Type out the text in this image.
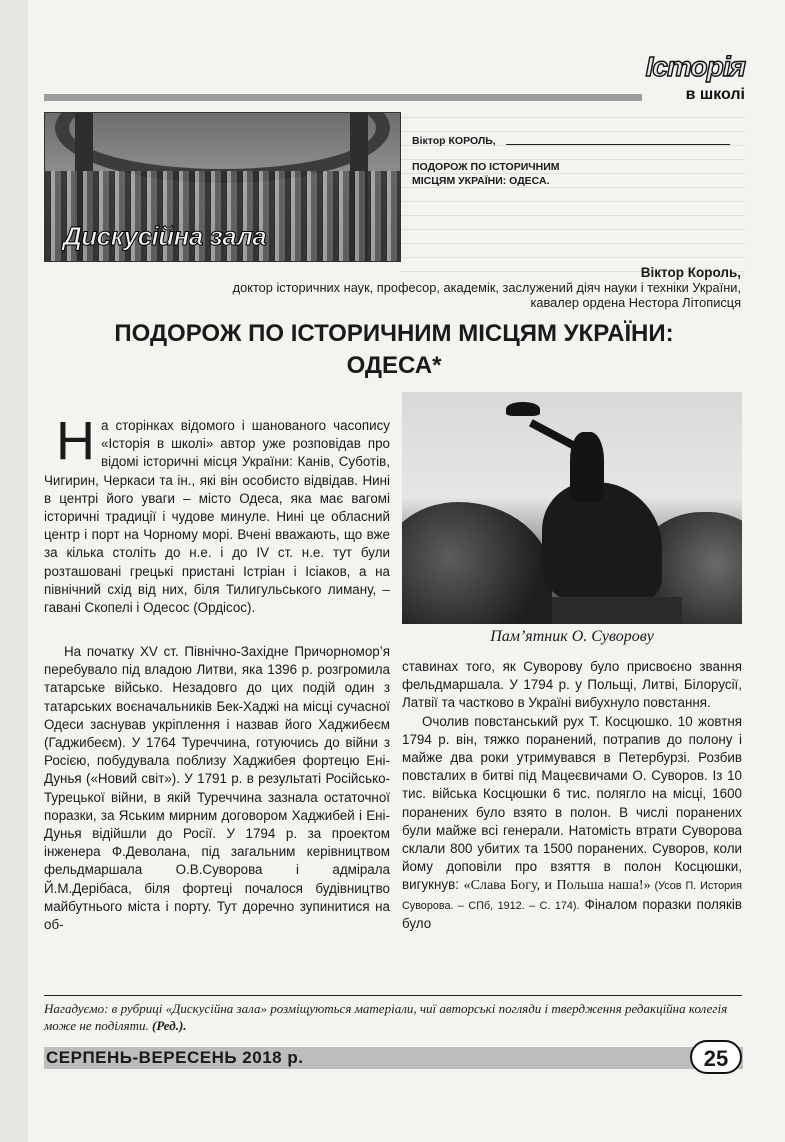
Історія
в школі
Дискусійна зала
Віктор КОРОЛЬ,
ПОДОРОЖ ПО ІСТОРИЧНИМ МІСЦЯМ УКРАЇНИ: ОДЕСА.
Віктор Король,
доктор історичних наук, професор, академік, заслужений діяч науки і техніки України,
кавалер ордена Нестора Літописця
ПОДОРОЖ ПО ІСТОРИЧНИМ МІСЦЯМ УКРАЇНИ:
ОДЕСА*

На сторінках відомого і шанованого часопису «Історія в школі» автор уже розповідав про відомі історичні місця України: Канів, Суботів, Чигирин, Черкаси та ін., які він особисто відвідав. Нині в центрі його уваги – місто Одеса, яка має вагомі історичні традиції і чудове минуле. Нині це обласний центр і порт на Чорному морі. Вчені вважають, що вже за кілька століть до н.е. і до IV ст. н.е. тут були розташовані грецькі пристані Істріан і Ісіаков, а на північний схід від них, біля Тилигульського лиману, – гавані Скопелі і Одесос (Ордісос).

На початку XV ст. Північно-Західне Причорномор’я перебувало під владою Литви, яка 1396 р. розгромила татарське військо. Незадовго до цих подій один з татарських воєначальників Бек-Хаджі на місці сучасної Одеси заснував укріплення і назвав його Хаджибеєм (Гаджибеєм). У 1764 Туреччина, готуючись до війни з Росією, побудувала поблизу Хаджибея фортецю Ені-Дунья («Новий світ»). У 1791 р. в результаті Російсько-Турецької війни, в якій Туреччина зазнала остаточної поразки, за Яським мирним договором Хаджибей і Ені-Дунья відійшли до Росії. У 1794 р. за проектом інженера Ф.Деволана, під загальним керівництвом фельдмаршала О.В.Суворова і адмірала Й.М.Дерібаса, біля фортеці почалося будівництво майбутнього міста і порту. Тут доречно зупинитися на об-

Пам’ятник О. Суворову

ставинах того, як Суворову було присвоєно звання фельдмаршала. У 1794 р. у Польщі, Литві, Білорусії, Латвії та частково в Україні вибухнуло повстання.

Очолив повстанський рух Т. Косцюшко. 10 жовтня 1794 р. він, тяжко поранений, потрапив до полону і майже два роки утримувався в Петербурзі. Розбив повсталих в битві під Мацеєвичами О. Суворов. Із 10 тис. війська Косцюшки 6 тис. полягло на місці, 1600 поранених було взято в полон. В числі поранених були майже всі генерали. Натомість втрати Суворова склали 800 убитих та 1500 поранених. Суворов, коли йому доповіли про взяття в полон Косцюшки, вигукнув: «Слава Богу, и Польша наша!» (Усов П. История Суворова. – СПб, 1912. – С. 174). Фіналом поразки поляків було

Нагадуємо: в рубриці «Дискусійна зала» розміщуються матеріали, чиї авторські погляди і твердження редакційна колегія може не поділяти. (Ред.).
СЕРПЕНЬ-ВЕРЕСЕНЬ 2018 р.	25
